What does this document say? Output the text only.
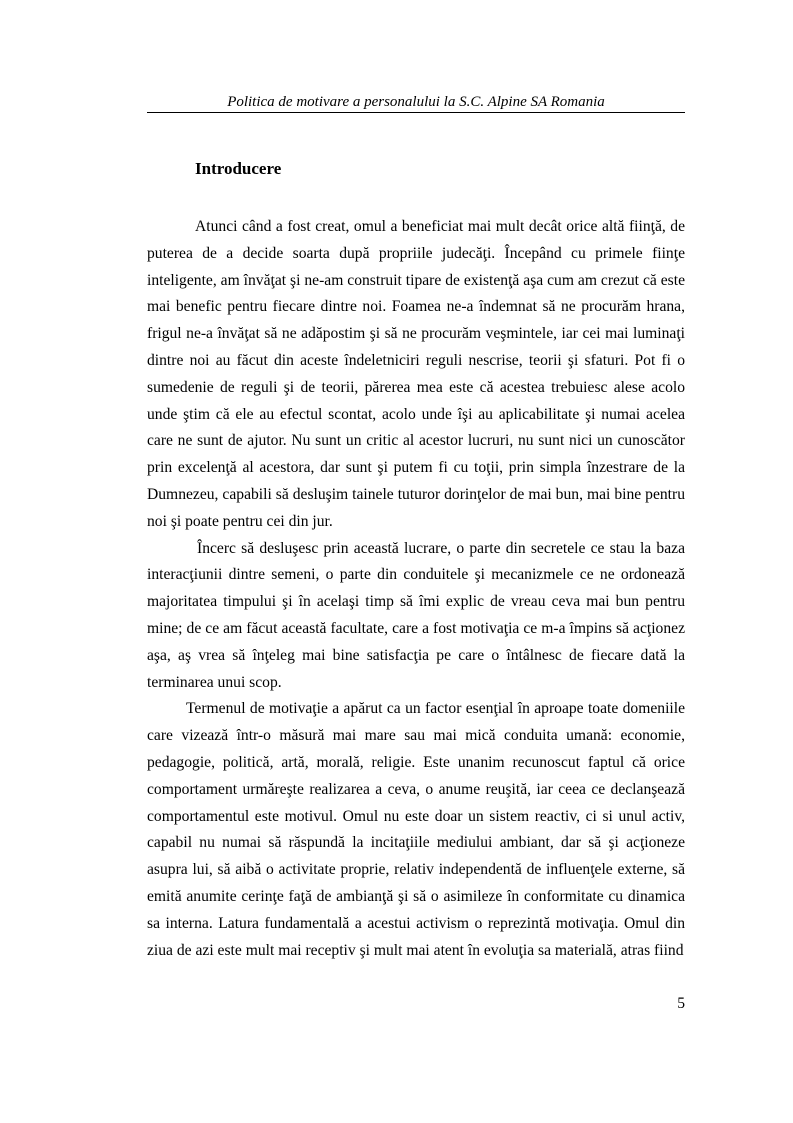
Politica de motivare a personalului la S.C. Alpine SA Romania
Introducere

Atunci când a fost creat, omul a beneficiat mai mult decât orice altă fiinţă, de puterea de a decide soarta după propriile judecăţi. Începând cu primele fiinţe inteligente, am învăţat şi ne-am construit tipare de existenţă aşa cum am crezut că este mai benefic pentru fiecare dintre noi. Foamea ne-a îndemnat să ne procurăm hrana, frigul ne-a învăţat să ne adăpostim şi să ne procurăm veşmintele, iar cei mai luminaţi dintre noi au făcut din aceste îndeletniciri reguli nescrise, teorii şi sfaturi. Pot fi o sumedenie de reguli şi de teorii, părerea mea este că acestea trebuiesc alese acolo unde ştim că ele au efectul scontat, acolo unde îşi au aplicabilitate şi numai acelea care ne sunt de ajutor. Nu sunt un critic al acestor lucruri, nu sunt nici un cunoscător prin excelenţă al acestora, dar sunt şi putem fi cu toţii, prin simpla înzestrare de la Dumnezeu, capabili să desluşim tainele tuturor dorinţelor de mai bun, mai bine pentru noi şi poate pentru cei din jur.

Încerc să desluşesc prin această lucrare, o parte din secretele ce stau la baza interacţiunii dintre semeni, o parte din conduitele şi mecanizmele ce ne ordonează majoritatea timpului şi în acelaşi timp să îmi explic de vreau ceva mai bun pentru mine; de ce am făcut această facultate, care a fost motivaţia ce m-a împins să acţionez aşa, aş vrea să înţeleg mai bine satisfacţia pe care o întâlnesc de fiecare dată la terminarea unui scop.

Termenul de motivaţie a apărut ca un factor esenţial în aproape toate domeniile care vizează într-o măsură mai mare sau mai mică conduita umană: economie, pedagogie, politică, artă, morală, religie. Este unanim recunoscut faptul că orice comportament urmăreşte realizarea a ceva, o anume reuşită, iar ceea ce declanşează comportamentul este motivul. Omul nu este doar un sistem reactiv, ci si unul activ, capabil nu numai să răspundă la incitaţiile mediului ambiant, dar să şi acţioneze asupra lui, să aibă o activitate proprie, relativ independentă de influenţele externe, să emită anumite cerinţe faţă de ambianţă şi să o asimileze în conformitate cu dinamica sa interna. Latura fundamentală a acestui activism o reprezintă motivaţia. Omul din ziua de azi este mult mai receptiv şi mult mai atent în evoluţia sa materială, atras fiind

5
